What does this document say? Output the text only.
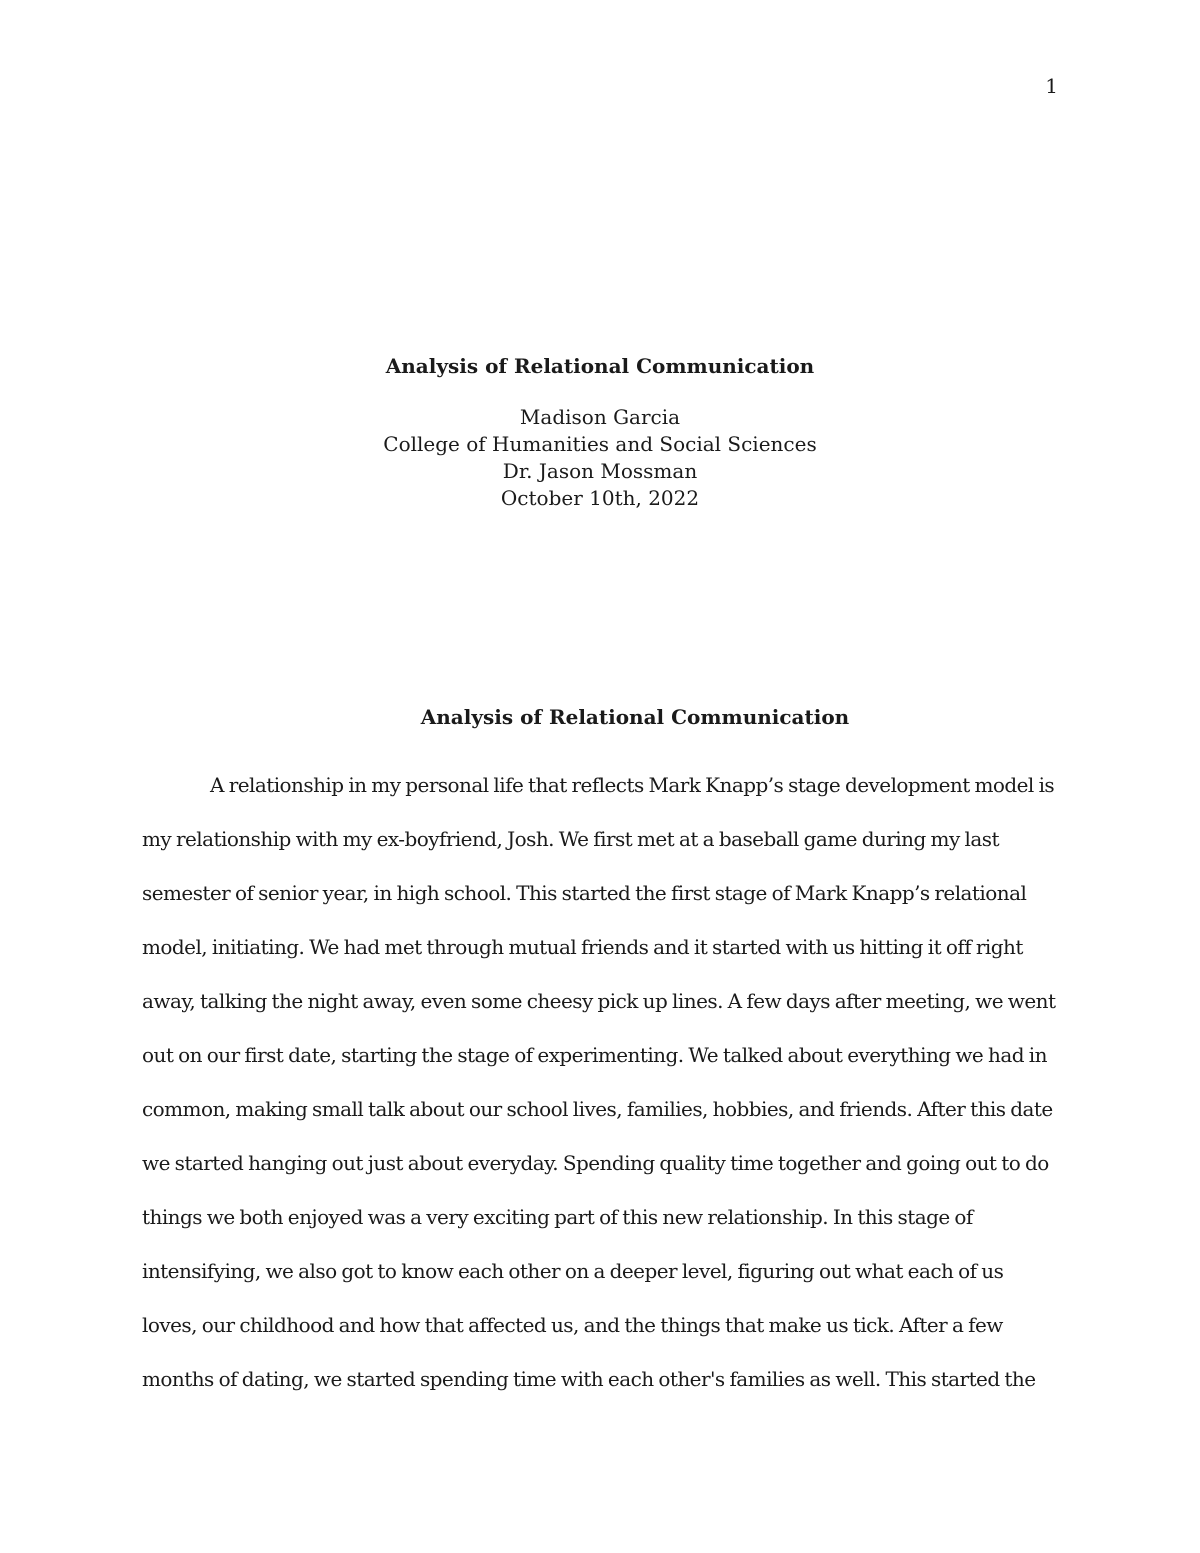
1

Analysis of Relational Communication

Madison Garcia

College of Humanities and Social Sciences

Dr. Jason Mossman

October 10th, 2022

Analysis of Relational Communication

A relationship in my personal life that reflects Mark Knapp’s stage development model is
my relationship with my ex-boyfriend, Josh. We first met at a baseball game during my last
semester of senior year, in high school. This started the first stage of Mark Knapp’s relational
model, initiating. We had met through mutual friends and it started with us hitting it off right
away, talking the night away, even some cheesy pick up lines. A few days after meeting, we went
out on our first date, starting the stage of experimenting. We talked about everything we had in
common, making small talk about our school lives, families, hobbies, and friends. After this date
we started hanging out just about everyday. Spending quality time together and going out to do
things we both enjoyed was a very exciting part of this new relationship. In this stage of
intensifying, we also got to know each other on a deeper level, figuring out what each of us
loves, our childhood and how that affected us, and the things that make us tick. After a few
months of dating, we started spending time with each other's families as well. This started the
